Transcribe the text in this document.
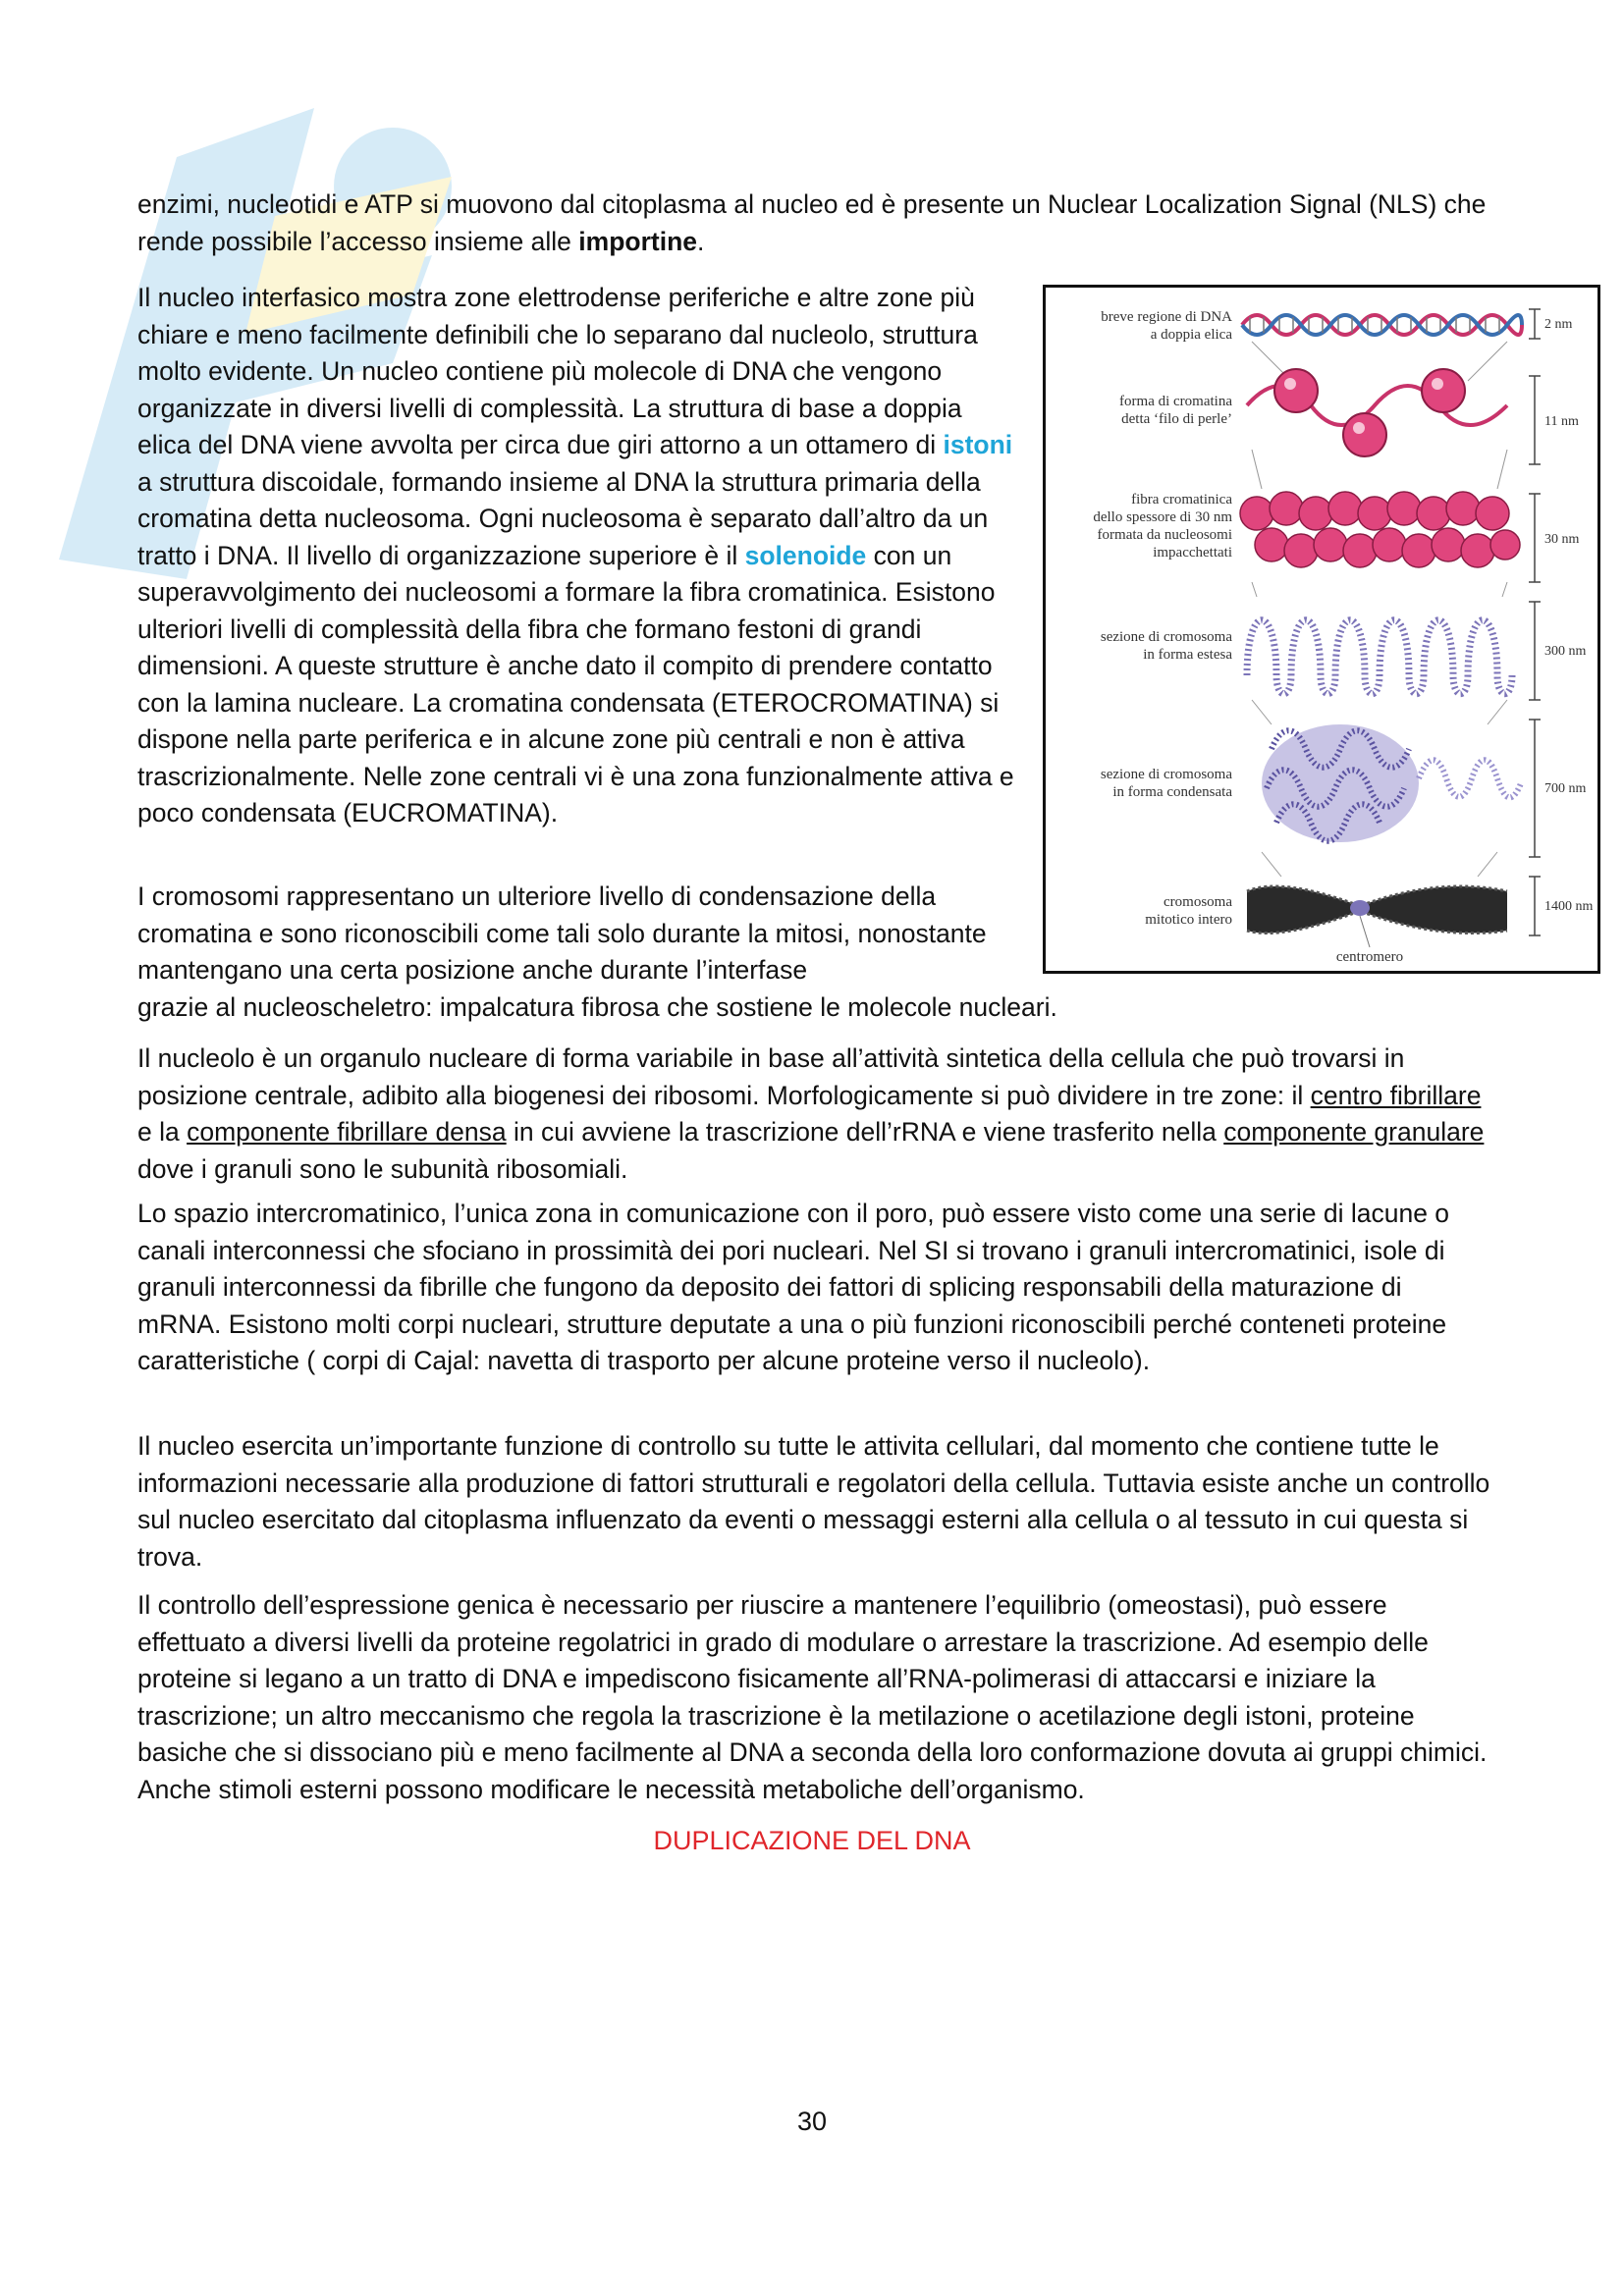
enzimi, nucleotidi e ATP si muovono dal citoplasma al nucleo ed è presente un Nuclear Localization Signal (NLS) che rende possibile l’accesso insieme alle importine.

Il nucleo interfasico mostra zone elettrodense periferiche e altre zone più chiare e meno facilmente definibili che lo separano dal nucleolo, struttura molto evidente. Un nucleo contiene più molecole di DNA che vengono organizzate in diversi livelli di complessità. La struttura di base a doppia elica del DNA viene avvolta per circa due giri attorno a un ottamero di istoni a struttura discoidale, formando insieme al DNA la struttura primaria della cromatina detta nucleosoma. Ogni nucleosoma è separato dall’altro da un tratto i DNA. Il livello di organizzazione superiore è il solenoide con un superavvolgimento dei nucleosomi a formare la fibra cromatinica. Esistono ulteriori livelli di complessità della fibra che formano festoni di grandi dimensioni. A queste strutture è anche dato il compito di prendere contatto con la lamina nucleare. La cromatina condensata (ETEROCROMATINA) si dispone nella parte periferica e in alcune zone più centrali e non è attiva trascrizionalmente. Nelle zone centrali vi è una zona funzionalmente attiva e poco condensata (EUCROMATINA).

I cromosomi rappresentano un ulteriore livello di condensazione della cromatina e sono riconoscibili come tali solo durante la mitosi, nonostante mantengano una certa posizione anche durante l’interfase

grazie al nucleoscheletro: impalcatura fibrosa che sostiene le molecole nucleari.

Il nucleolo è un organulo nucleare di forma variabile in base all’attività sintetica della cellula che può trovarsi in posizione centrale, adibito alla biogenesi dei ribosomi. Morfologicamente si può dividere in tre zone: il centro fibrillare e la componente fibrillare densa in cui avviene la trascrizione dell’rRNA e viene trasferito nella componente granulare dove i granuli sono le subunità ribosomiali.

Lo spazio intercromatinico, l’unica zona in comunicazione con il poro, può essere visto come una serie di lacune o canali interconnessi che sfociano in prossimità dei pori nucleari. Nel SI si trovano i granuli intercromatinici, isole di granuli interconnessi da fibrille che fungono da deposito dei fattori di splicing responsabili della maturazione di mRNA. Esistono molti corpi nucleari, strutture deputate a una o più funzioni riconoscibili perché conteneti proteine caratteristiche ( corpi di Cajal: navetta di trasporto per alcune proteine verso il nucleolo).

Il nucleo esercita un’importante funzione di controllo su tutte le attivita cellulari, dal momento che contiene tutte le informazioni necessarie alla produzione di fattori strutturali e regolatori della cellula. Tuttavia esiste anche un controllo sul nucleo esercitato dal citoplasma influenzato da eventi o messaggi esterni alla cellula o al tessuto in cui questa si trova.

Il controllo dell’espressione genica è necessario per riuscire a mantenere l’equilibrio (omeostasi), può essere effettuato a diversi livelli da proteine regolatrici in grado di modulare o arrestare la trascrizione. Ad esempio delle proteine si legano a un tratto di DNA e impediscono fisicamente all’RNA-polimerasi di attaccarsi e iniziare la trascrizione; un altro meccanismo che regola la trascrizione è la metilazione o acetilazione degli istoni, proteine basiche che si dissociano più e meno facilmente al DNA a seconda della loro conformazione dovuta ai gruppi chimici. Anche stimoli esterni possono modificare le necessità metaboliche dell’organismo.

DUPLICAZIONE DEL DNA
30
breve regione di DNA
a doppia elica
forma di cromatina
detta ‘filo di perle’
fibra cromatinica
dello spessore di 30 nm
formata da nucleosomi
impacchettati
sezione di cromosoma
in forma estesa
sezione di cromosoma
in forma condensata
cromosoma
mitotico intero
centromero
2 nm
11 nm
30 nm
300 nm
700 nm
1400 nm
